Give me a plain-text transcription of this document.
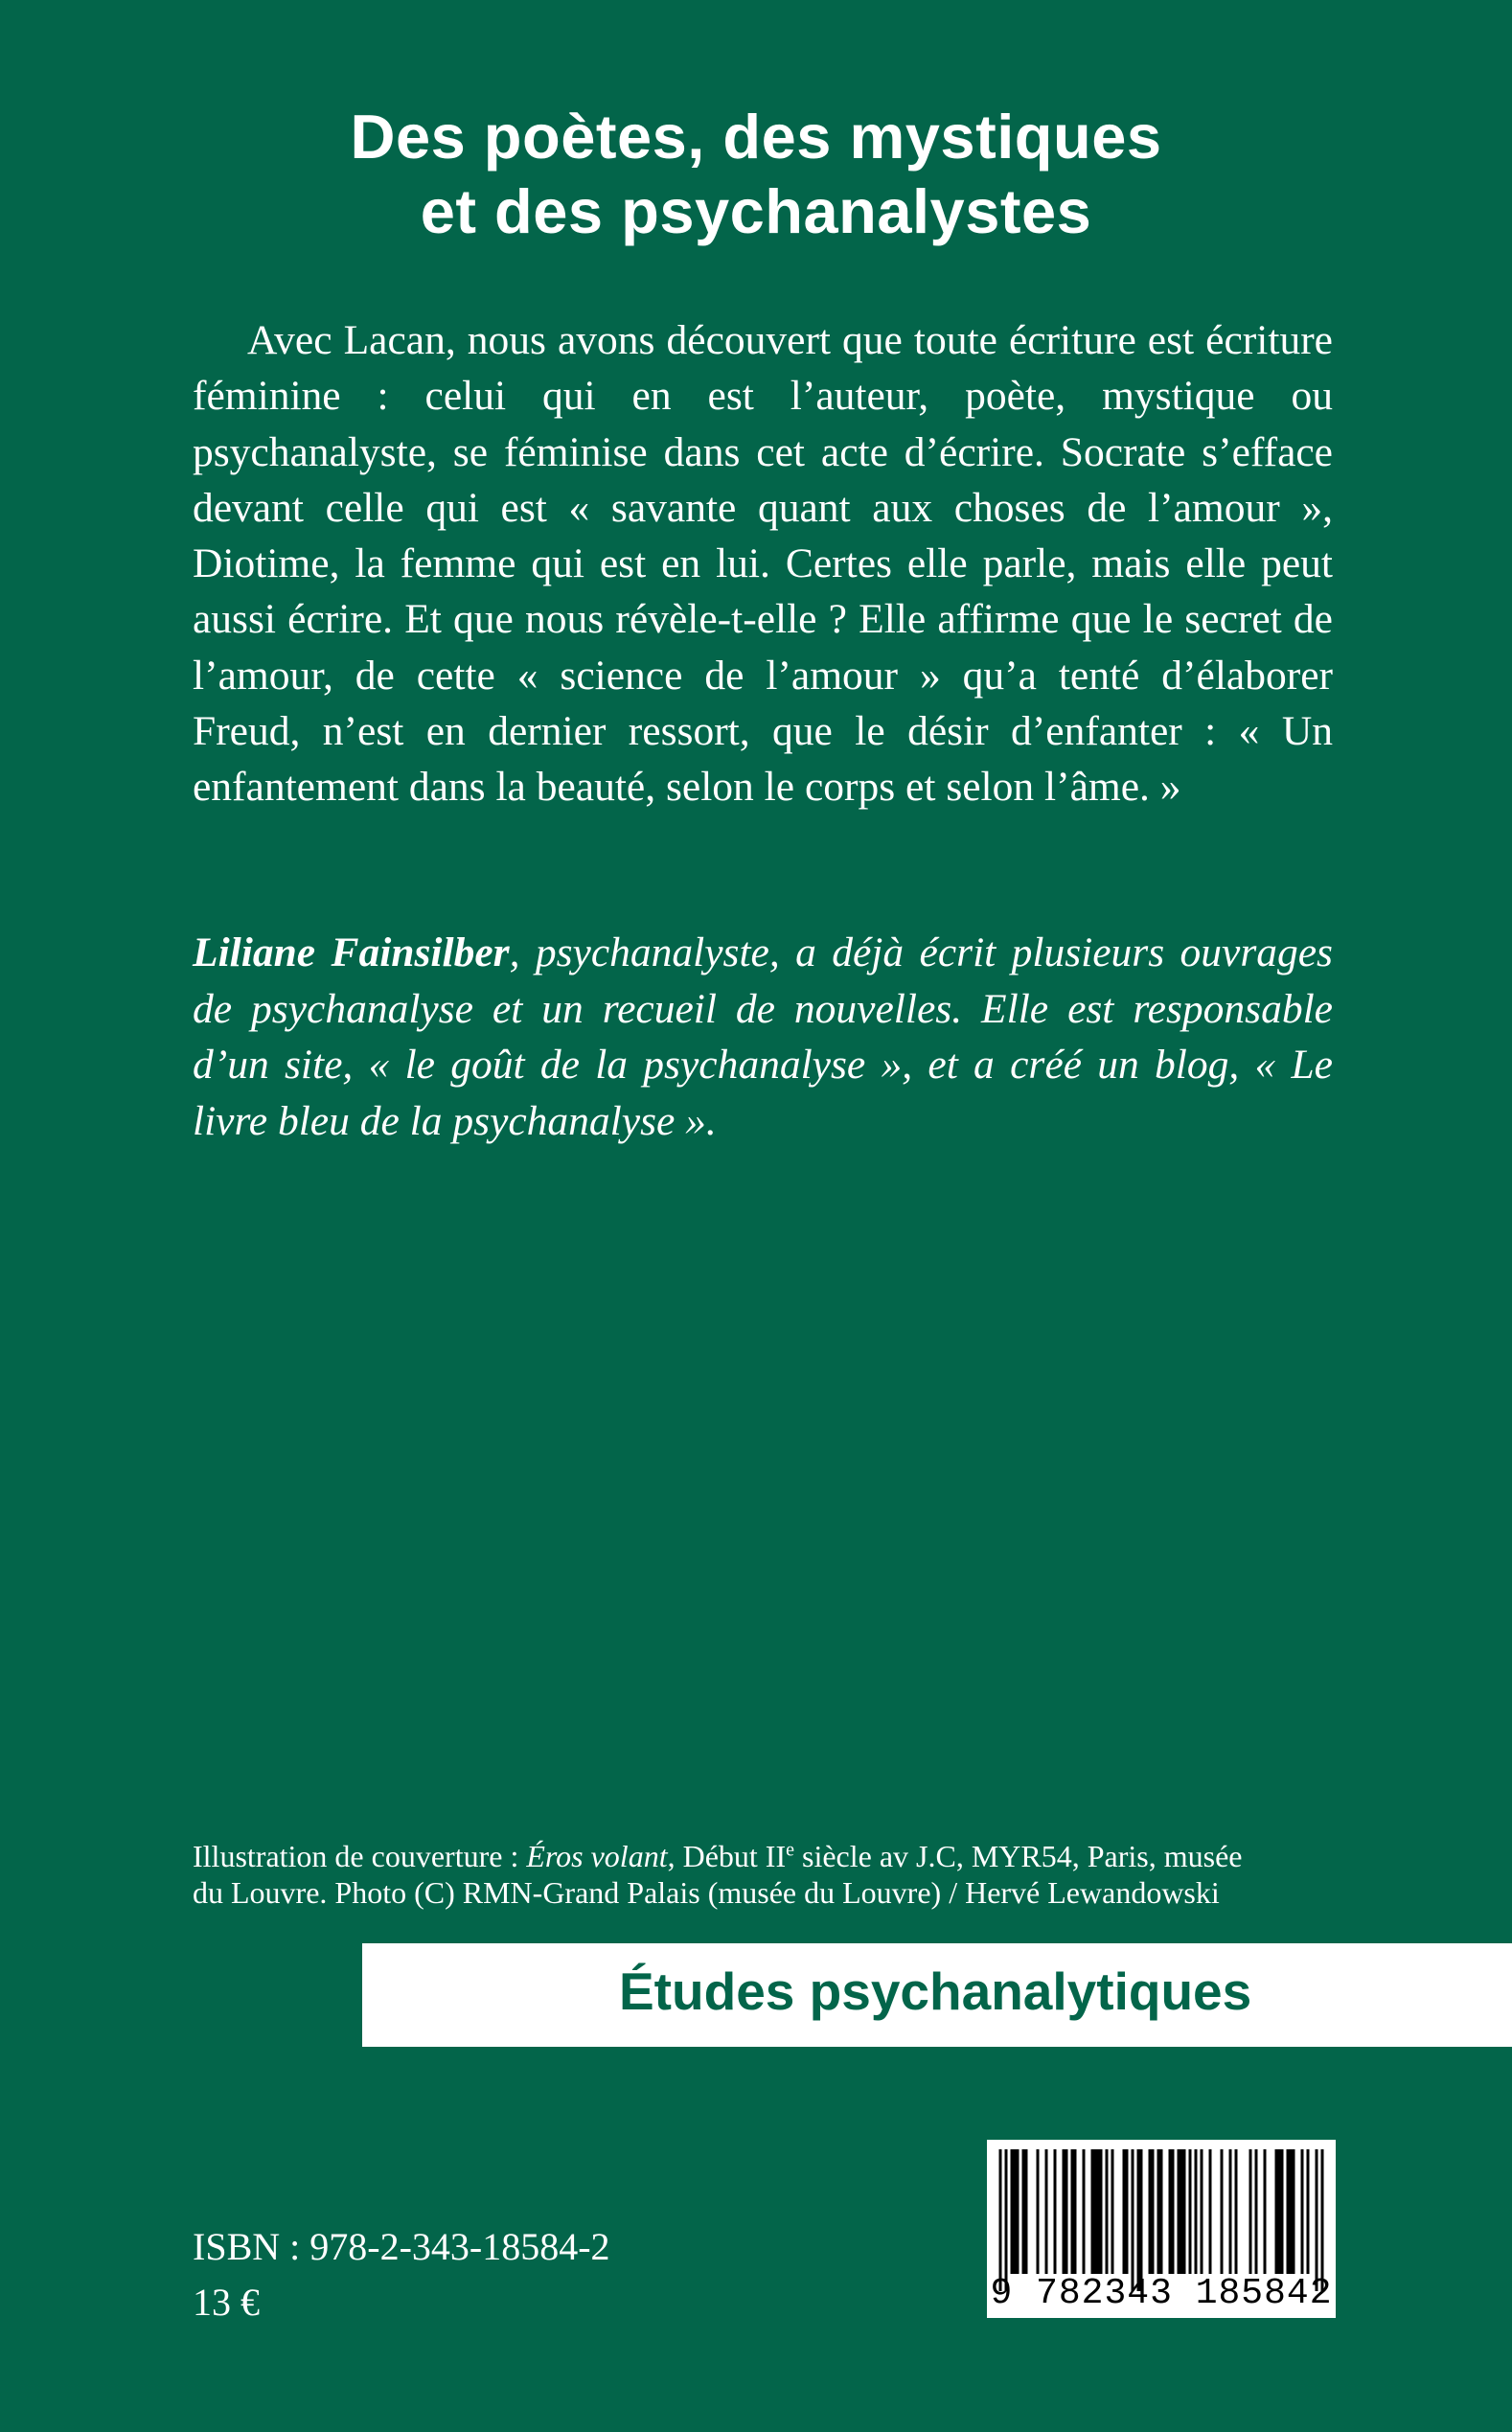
Des poètes, des mystiques
et des psychanalystes

Avec Lacan, nous avons découvert que toute écriture est écriture féminine : celui qui en est l’auteur, poète, mystique ou psychanalyste, se féminise dans cet acte d’écrire. Socrate s’efface devant celle qui est « savante quant aux choses de l’amour », Diotime, la femme qui est en lui. Certes elle parle, mais elle peut aussi écrire. Et que nous révèle-t-elle ? Elle affirme que le secret de l’amour, de cette « science de l’amour » qu’a tenté d’élaborer Freud, n’est en dernier ressort, que le désir d’enfanter : « Un enfantement dans la beauté, selon le corps et selon l’âme. »

Liliane Fainsilber, psychanalyste, a déjà écrit plusieurs ouvrages de psychanalyse et un recueil de nouvelles. Elle est responsable d’un site, « le goût de la psychanalyse », et a créé un blog, « Le livre bleu de la psychanalyse ».

Illustration de couverture : Éros volant, Début IIe siècle av J.C, MYR54, Paris, musée
du Louvre. Photo (C) RMN-Grand Palais (musée du Louvre) / Hervé Lewandowski

Études psychanalytiques
ISBN : 978-2-343-18584-2
13 €	9 782343 185842
